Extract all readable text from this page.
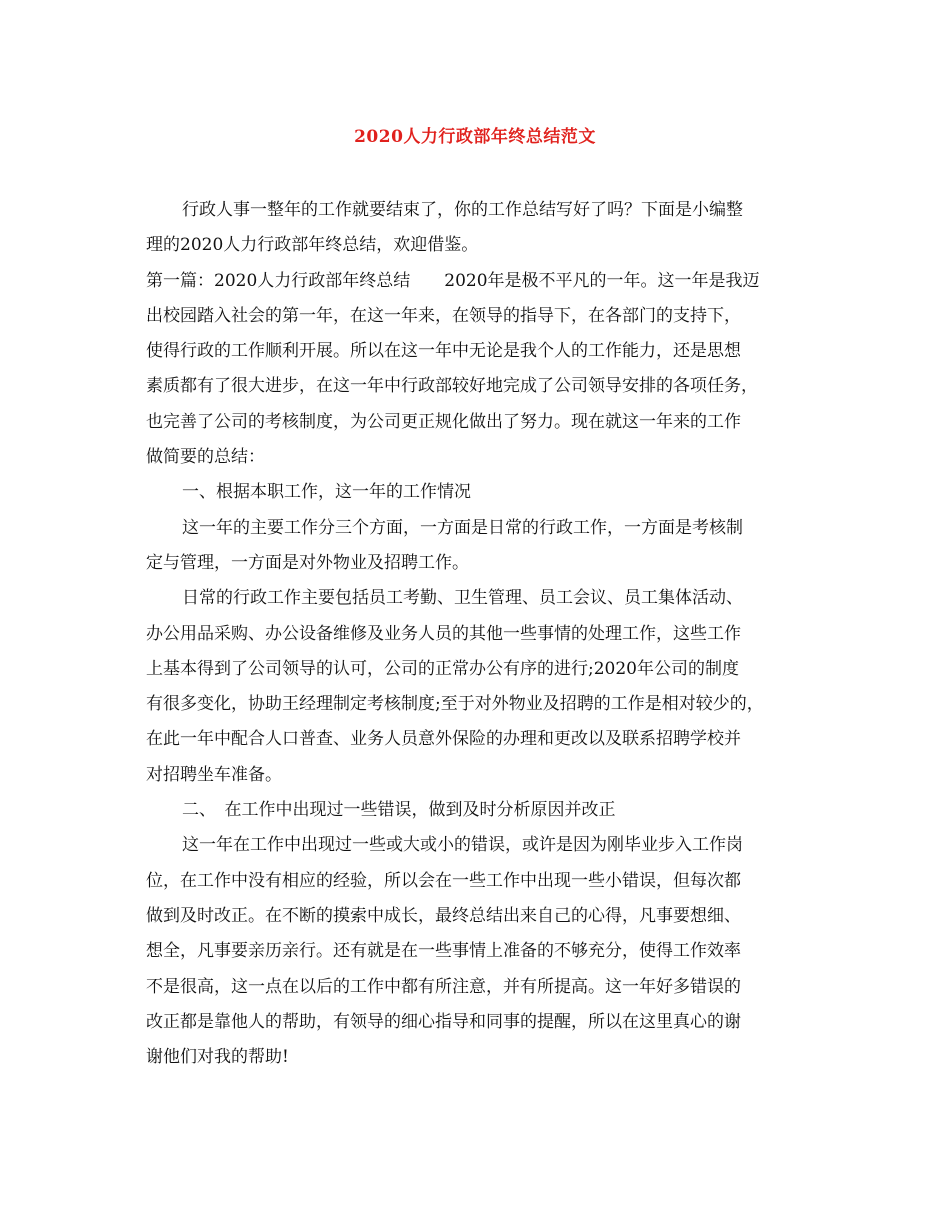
2020人力行政部年终总结范文
行政人事一整年的工作就要结束了，你的工作总结写好了吗？下面是小编整
理的2020人力行政部年终总结，欢迎借鉴。
第一篇：2020人力行政部年终总结　　2020年是极不平凡的一年。这一年是我迈
出校园踏入社会的第一年，在这一年来，在领导的指导下，在各部门的支持下，
使得行政的工作顺利开展。所以在这一年中无论是我个人的工作能力，还是思想
素质都有了很大进步，在这一年中行政部较好地完成了公司领导安排的各项任务，
也完善了公司的考核制度，为公司更正规化做出了努力。现在就这一年来的工作
做简要的总结：
一、根据本职工作，这一年的工作情况
这一年的主要工作分三个方面，一方面是日常的行政工作，一方面是考核制
定与管理，一方面是对外物业及招聘工作。
日常的行政工作主要包括员工考勤、卫生管理、员工会议、员工集体活动、
办公用品采购、办公设备维修及业务人员的其他一些事情的处理工作，这些工作
上基本得到了公司领导的认可，公司的正常办公有序的进行;2020年公司的制度
有很多变化，协助王经理制定考核制度;至于对外物业及招聘的工作是相对较少的，
在此一年中配合人口普查、业务人员意外保险的办理和更改以及联系招聘学校并
对招聘坐车准备。
二、　在工作中出现过一些错误，做到及时分析原因并改正
这一年在工作中出现过一些或大或小的错误，或许是因为刚毕业步入工作岗
位，在工作中没有相应的经验，所以会在一些工作中出现一些小错误，但每次都
做到及时改正。在不断的摸索中成长，最终总结出来自己的心得，凡事要想细、
想全，凡事要亲历亲行。还有就是在一些事情上准备的不够充分，使得工作效率
不是很高，这一点在以后的工作中都有所注意，并有所提高。这一年好多错误的
改正都是靠他人的帮助，有领导的细心指导和同事的提醒，所以在这里真心的谢
谢他们对我的帮助!
